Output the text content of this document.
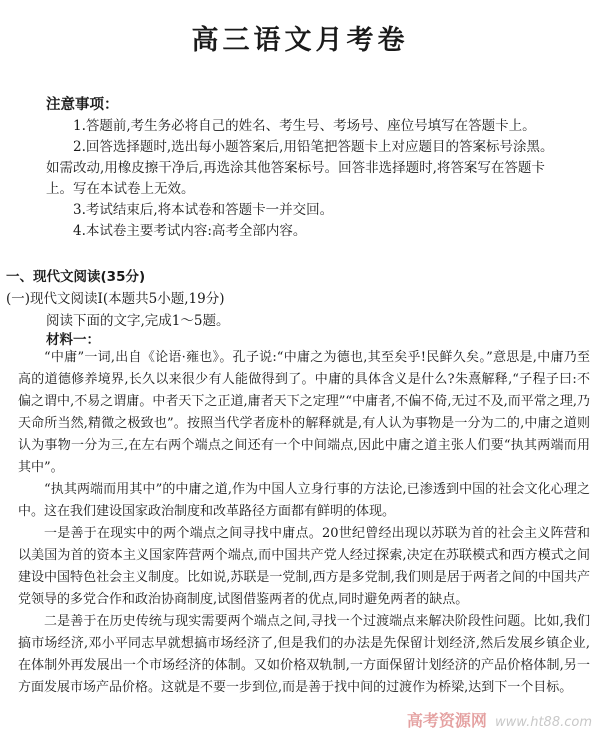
高三语文月考卷
注意事项：

1.答题前,考生务必将自己的姓名、考生号、考场号、座位号填写在答题卡上。

2.回答选择题时,选出每小题答案后,用铅笔把答题卡上对应题目的答案标号涂黑。如需改动,用橡皮擦干净后,再选涂其他答案标号。回答非选择题时,将答案写在答题卡上。写在本试卷上无效。

3.考试结束后,将本试卷和答题卡一并交回。

4.本试卷主要考试内容:高考全部内容。

一、现代文阅读(35分)
(一)现代文阅读Ⅰ(本题共5小题,19分)
阅读下面的文字,完成1～5题。
材料一：

“中庸”一词,出自《论语·雍也》。孔子说:“中庸之为德也,其至矣乎!民鲜久矣。”意思是,中庸乃至高的道德修养境界,长久以来很少有人能做得到了。中庸的具体含义是什么?朱熹解释,“子程子曰:不偏之谓中,不易之谓庸。中者天下之正道,庸者天下之定理”“中庸者,不偏不倚,无过不及,而平常之理,乃天命所当然,精微之极致也”。按照当代学者庞朴的解释就是,有人认为事物是一分为二的,中庸之道则认为事物一分为三,在左右两个端点之间还有一个中间端点,因此中庸之道主张人们要“执其两端而用其中”。

“执其两端而用其中”的中庸之道,作为中国人立身行事的方法论,已渗透到中国的社会文化心理之中。这在我们建设国家政治制度和改革路径方面都有鲜明的体现。

一是善于在现实中的两个端点之间寻找中庸点。20世纪曾经出现以苏联为首的社会主义阵营和以美国为首的资本主义国家阵营两个端点,而中国共产党人经过探索,决定在苏联模式和西方模式之间建设中国特色社会主义制度。比如说,苏联是一党制,西方是多党制,我们则是居于两者之间的中国共产党领导的多党合作和政治协商制度,试图借鉴两者的优点,同时避免两者的缺点。

二是善于在历史传统与现实需要两个端点之间,寻找一个过渡端点来解决阶段性问题。比如,我们搞市场经济,邓小平同志早就想搞市场经济了,但是我们的办法是先保留计划经济,然后发展乡镇企业,在体制外再发展出一个市场经济的体制。又如价格双轨制,一方面保留计划经济的产品价格体制,另一方面发展市场产品价格。这就是不要一步到位,而是善于找中间的过渡作为桥梁,达到下一个目标。

高考资源网 www.ht88.com
